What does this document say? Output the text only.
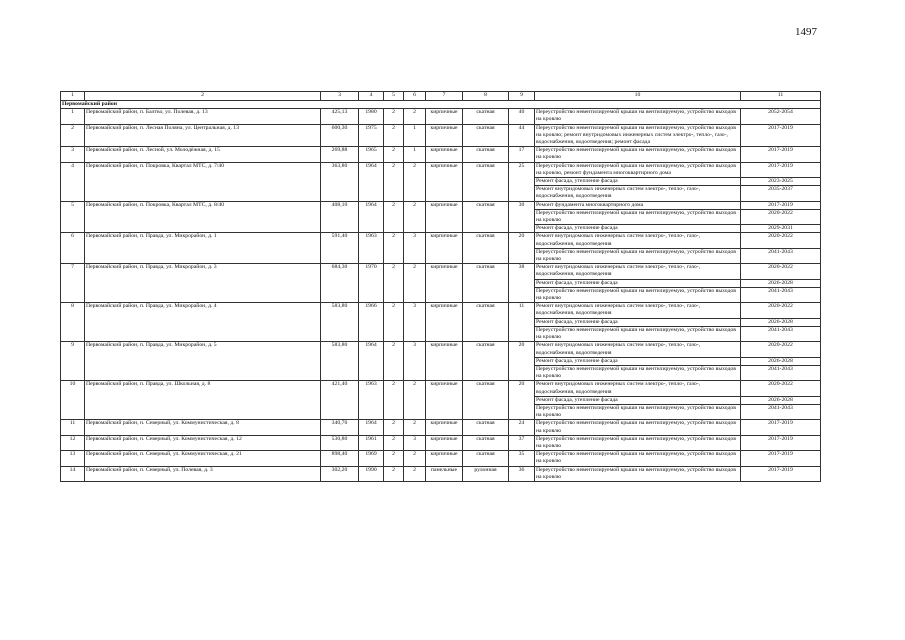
1497
1	2	3	4	5	6	7	8	9	10	11
Первомайский район										
1	Первомайский район, п. Балтко, ул. Полевая, д. 13	425,13	1980	2	2	кирпичные	скатная	40	Переустройство невентилируемой крыши на вентилируемую, устройство выходов на кровлю	2052-2054
2	Первомайский район, п. Лесная Поляна, ул. Центральная, д. 13	600,30	1975	2	1	кирпичные	скатная	44	Переустройство невентилируемой крыши на вентилируемую, устройство выходов на кровлю; ремонт внутридомовых инженерных систем электро-, тепло-, газо-, водоснабжения, водоотведения; ремонт фасада	2017-2019
3	Первомайский район, п. Лесной, ул. Молодёжная, д. 15	269,88	1965	2	1	кирпичные	скатная	17	Переустройство невентилируемой крыши на вентилируемую, устройство выходов на кровлю	2017-2019
4	Первомайский район, п. Покровка, Квартал МТС, д. 7/40	363,80	1964	2	2	кирпичные	скатная	25	Переустройство невентилируемой крыши на вентилируемую, устройство выходов на кровлю, ремонт фундамента многоквартирного дома	2017-2019
									Ремонт фасада, утепление фасада	2023-2025
									Ремонт внутридомовых инженерных систем электро-, тепло-, газо-, водоснабжения, водоотведения	2035-2037
5	Первомайский район, п. Покровка, Квартал МТС, д. 8/40	408,10	1964	2	2	кирпичные	скатная	30	Ремонт фундамента многоквартирного дома	2017-2019
									Переустройство невентилируемой крыши на вентилируемую, устройство выходов на кровлю	2020-2022
									Ремонт фасада, утепление фасада	2029-2031
6	Первомайский район, п. Правда, ул. Микрорайон, д. 1	591,40	1963	2	3	кирпичные	скатная	20	Ремонт внутридомовых инженерных систем электро-, тепло-, газо-, водоснабжения, водоотведения	2020-2022
									Переустройство невентилируемой крыши на вентилируемую, устройство выходов на кровлю	2041-2043
7	Первомайский район, п. Правда, ул. Микрорайон, д. 3	684,30	1970	2	2	кирпичные	скатная	38	Ремонт внутридомовых инженерных систем электро-, тепло-, газо-, водоснабжения, водоотведения	2020-2022
									Ремонт фасада, утепление фасада	2026-2028
									Переустройство невентилируемой крыши на вентилируемую, устройство выходов на кровлю	2041-2043
8	Первомайский район, п. Правда, ул. Микрорайон, д. 4	583,80	1966	2	3	кирпичные	скатная	11	Ремонт внутридомовых инженерных систем электро-, тепло-, газо-, водоснабжения, водоотведения	2020-2022
									Ремонт фасада, утепление фасада	2026-2028
									Переустройство невентилируемой крыши на вентилируемую, устройство выходов на кровлю	2041-2043
9	Первомайский район, п. Правда, ул. Микрорайон, д. 5	583,80	1964	2	3	кирпичные	скатная	20	Ремонт внутридомовых инженерных систем электро-, тепло-, газо-, водоснабжения, водоотведения	2020-2022
									Ремонт фасада, утепление фасада	2026-2028
									Переустройство невентилируемой крыши на вентилируемую, устройство выходов на кровлю	2041-2043
10	Первомайский район, п. Правда, ул. Школьная, д. 8	421,40	1963	2	2	кирпичные	скатная	20	Ремонт внутридомовых инженерных систем электро-, тепло-, газо-, водоснабжения, водоотведения	2020-2022
									Ремонт фасада, утепление фасада	2026-2028
									Переустройство невентилируемой крыши на вентилируемую, устройство выходов на кровлю	2041-2043
11	Первомайский район, п. Северный, ул. Коммунистическая, д. 8	340,70	1964	2	2	кирпичные	скатная	24	Переустройство невентилируемой крыши на вентилируемую, устройство выходов на кровлю	2017-2019
12	Первомайский район, п. Северный, ул. Коммунистическая, д. 12	530,80	1961	2	3	кирпичные	скатная	37	Переустройство невентилируемой крыши на вентилируемую, устройство выходов на кровлю	2017-2019
13	Первомайский район, п. Северный, ул. Коммунистическая, д. 21	898,40	1969	2	2	кирпичные	скатная	35	Переустройство невентилируемой крыши на вентилируемую, устройство выходов на кровлю	2017-2019
14	Первомайский район, п. Северный, ул. Полевая, д. 3	302,20	1990	2	2	панельные	рулонная	36	Переустройство невентилируемой крыши на вентилируемую, устройство выходов на кровлю	2017-2019
